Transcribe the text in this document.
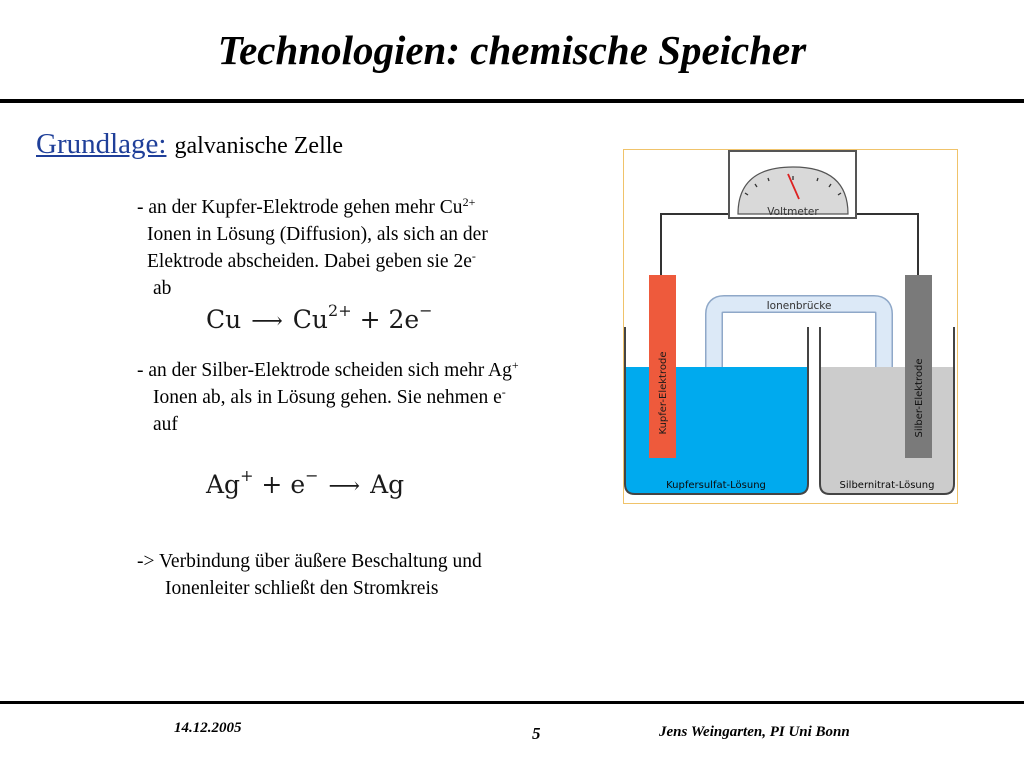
Technologien: chemische Speicher
Grundlage: galvanische Zelle
- an der Kupfer-Elektrode gehen mehr $Cu^{2+}$
Ionen in Lösung (Diffusion), als sich an der
Elektrode abscheiden. Dabei geben sie 2e-
ab
Cu ⟶ $Cu^{2+} + 2e^-$
- an der Silber-Elektrode scheiden sich mehr Ag+
Ionen ab, als in Lösung gehen. Sie nehmen e-
auf
Ag+ + e− ⟶ Ag
-> Verbindung über äußere Beschaltung und
Ionenleiter schließt den Stromkreis
Voltmeter
Ionenbrücke
Kupfersulfat-Lösung	Silbernitrat-Lösung
Kupfer-Elektrode	Silber-Elektrode
14.12.2005	5	Jens Weingarten, PI Uni Bonn
